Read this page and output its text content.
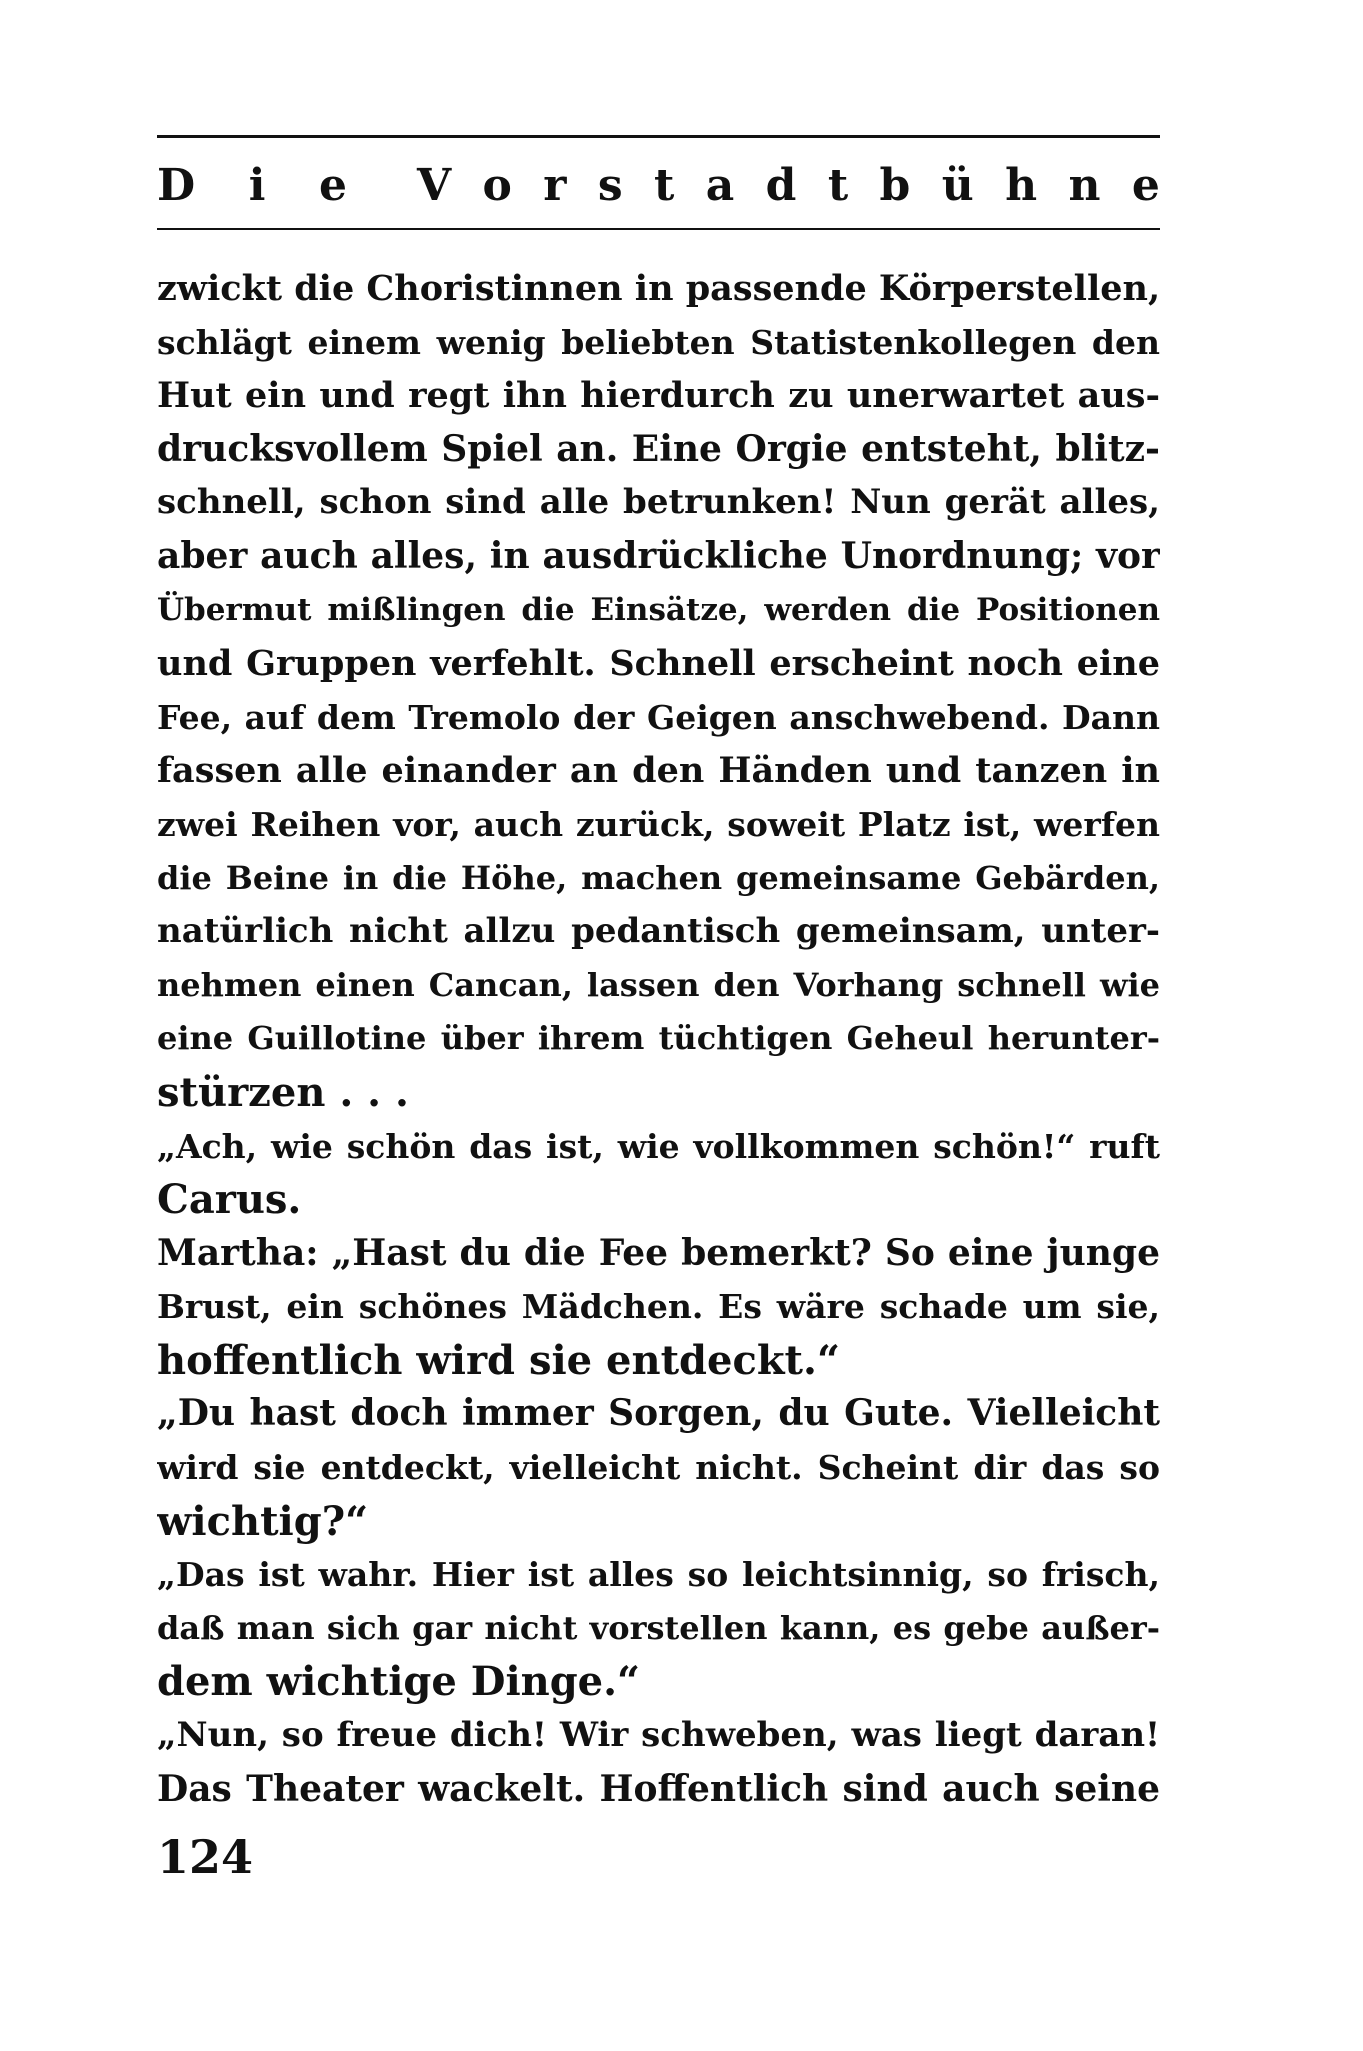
D i e V o r s t a d t b ü h n e
zwickt die Choristinnen in passende Körperstellen,
schlägt einem wenig beliebten Statistenkollegen den
Hut ein und regt ihn hierdurch zu unerwartet aus-
drucksvollem Spiel an. Eine Orgie entsteht, blitz-
schnell, schon sind alle betrunken! Nun gerät alles,
aber auch alles, in ausdrückliche Unordnung; vor
Übermut mißlingen die Einsätze, werden die Positionen
und Gruppen verfehlt. Schnell erscheint noch eine
Fee, auf dem Tremolo der Geigen anschwebend. Dann
fassen alle einander an den Händen und tanzen in
zwei Reihen vor, auch zurück, soweit Platz ist, werfen
die Beine in die Höhe, machen gemeinsame Gebärden,
natürlich nicht allzu pedantisch gemeinsam, unter-
nehmen einen Cancan, lassen den Vorhang schnell wie
eine Guillotine über ihrem tüchtigen Geheul herunter-
stürzen . . .
„Ach, wie schön das ist, wie vollkommen schön!“ ruft
Carus.
Martha: „Hast du die Fee bemerkt? So eine junge
Brust, ein schönes Mädchen. Es wäre schade um sie,
hoffentlich wird sie entdeckt.“
„Du hast doch immer Sorgen, du Gute. Vielleicht
wird sie entdeckt, vielleicht nicht. Scheint dir das so
wichtig?“
„Das ist wahr. Hier ist alles so leichtsinnig, so frisch,
daß man sich gar nicht vorstellen kann, es gebe außer-
dem wichtige Dinge.“
„Nun, so freue dich! Wir schweben, was liegt daran!
Das Theater wackelt. Hoffentlich sind auch seine
124
